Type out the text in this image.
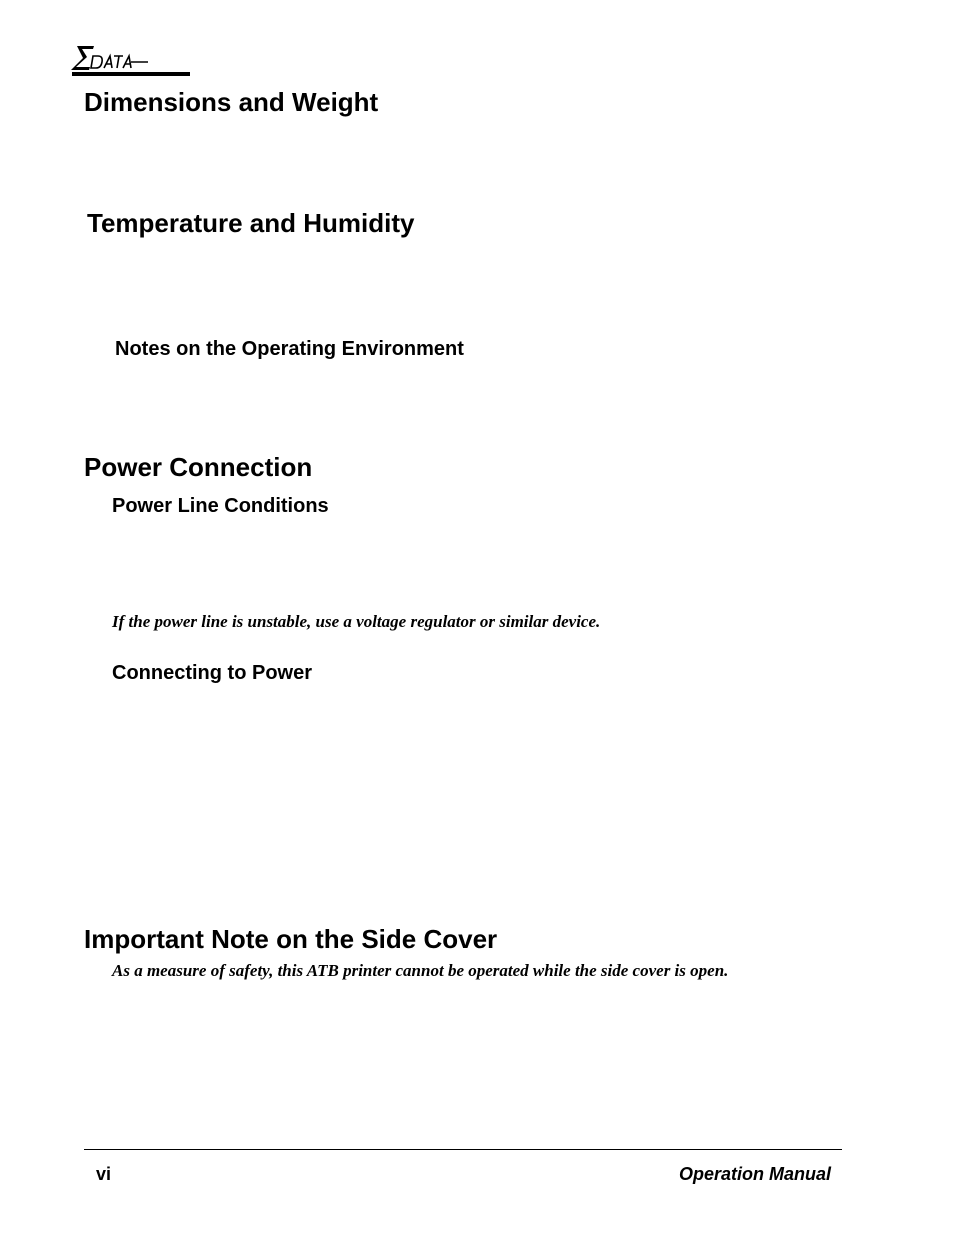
Dimensions and Weight
Temperature and Humidity
Notes on the Operating Environment
Power Connection
Power Line Conditions

If the power line is unstable, use a voltage regulator or similar device.

Connecting to Power
Important Note on the Side Cover

As a measure of safety, this ATB printer cannot be operated while the side cover is open.

vi	Operation Manual
